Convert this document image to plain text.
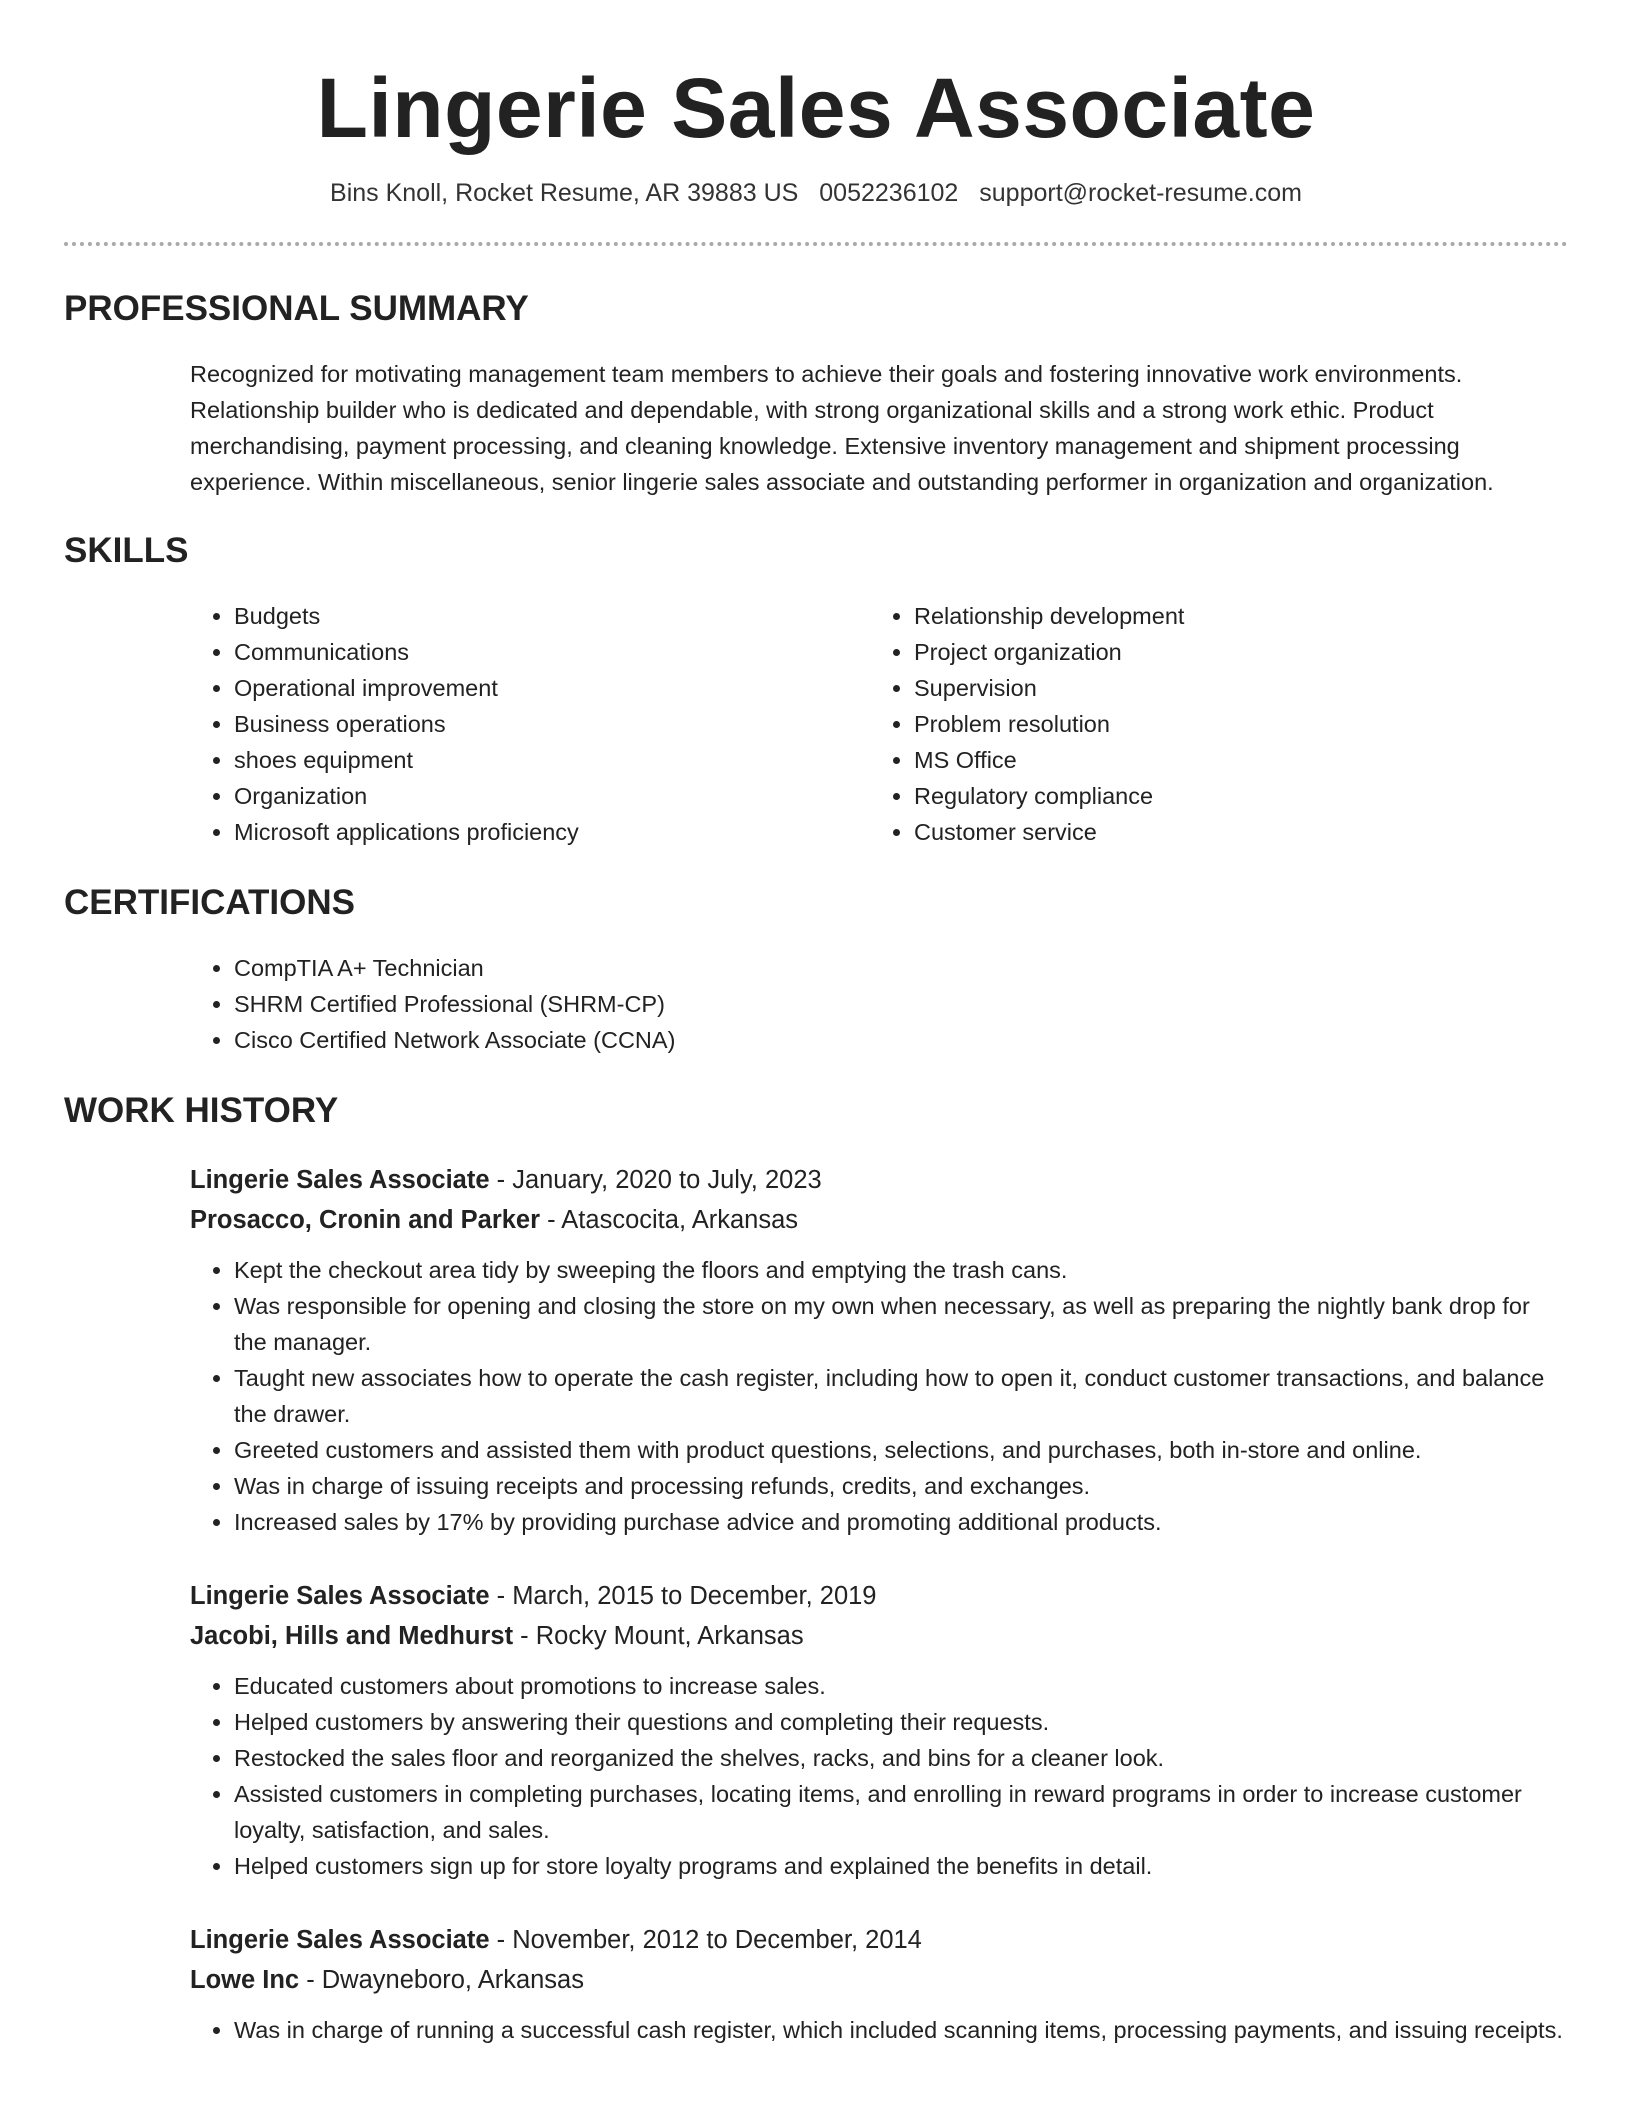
Lingerie Sales Associate
Bins Knoll, Rocket Resume, AR 39883 US 0052236102 support@rocket-resume.com
PROFESSIONAL SUMMARY
Recognized for motivating management team members to achieve their goals and fostering innovative work environments. Relationship builder who is dedicated and dependable, with strong organizational skills and a strong work ethic. Product merchandising, payment processing, and cleaning knowledge. Extensive inventory management and shipment processing experience. Within miscellaneous, senior lingerie sales associate and outstanding performer in organization and organization.
SKILLS
• Budgets
• Communications
• Operational improvement
• Business operations
• shoes equipment
• Organization
• Microsoft applications proficiency
• Relationship development
• Project organization
• Supervision
• Problem resolution
• MS Office
• Regulatory compliance
• Customer service
CERTIFICATIONS
• CompTIA A+ Technician
• SHRM Certified Professional (SHRM-CP)
• Cisco Certified Network Associate (CCNA)
WORK HISTORY
Lingerie Sales Associate - January, 2020 to July, 2023
Prosacco, Cronin and Parker - Atascocita, Arkansas
• Kept the checkout area tidy by sweeping the floors and emptying the trash cans.
• Was responsible for opening and closing the store on my own when necessary, as well as preparing the nightly bank drop for the manager.
• Taught new associates how to operate the cash register, including how to open it, conduct customer transactions, and balance the drawer.
• Greeted customers and assisted them with product questions, selections, and purchases, both in-store and online.
• Was in charge of issuing receipts and processing refunds, credits, and exchanges.
• Increased sales by 17% by providing purchase advice and promoting additional products.
Lingerie Sales Associate - March, 2015 to December, 2019
Jacobi, Hills and Medhurst - Rocky Mount, Arkansas
• Educated customers about promotions to increase sales.
• Helped customers by answering their questions and completing their requests.
• Restocked the sales floor and reorganized the shelves, racks, and bins for a cleaner look.
• Assisted customers in completing purchases, locating items, and enrolling in reward programs in order to increase customer loyalty, satisfaction, and sales.
• Helped customers sign up for store loyalty programs and explained the benefits in detail.
Lingerie Sales Associate - November, 2012 to December, 2014
Lowe Inc - Dwayneboro, Arkansas
• Was in charge of running a successful cash register, which included scanning items, processing payments, and issuing receipts.
